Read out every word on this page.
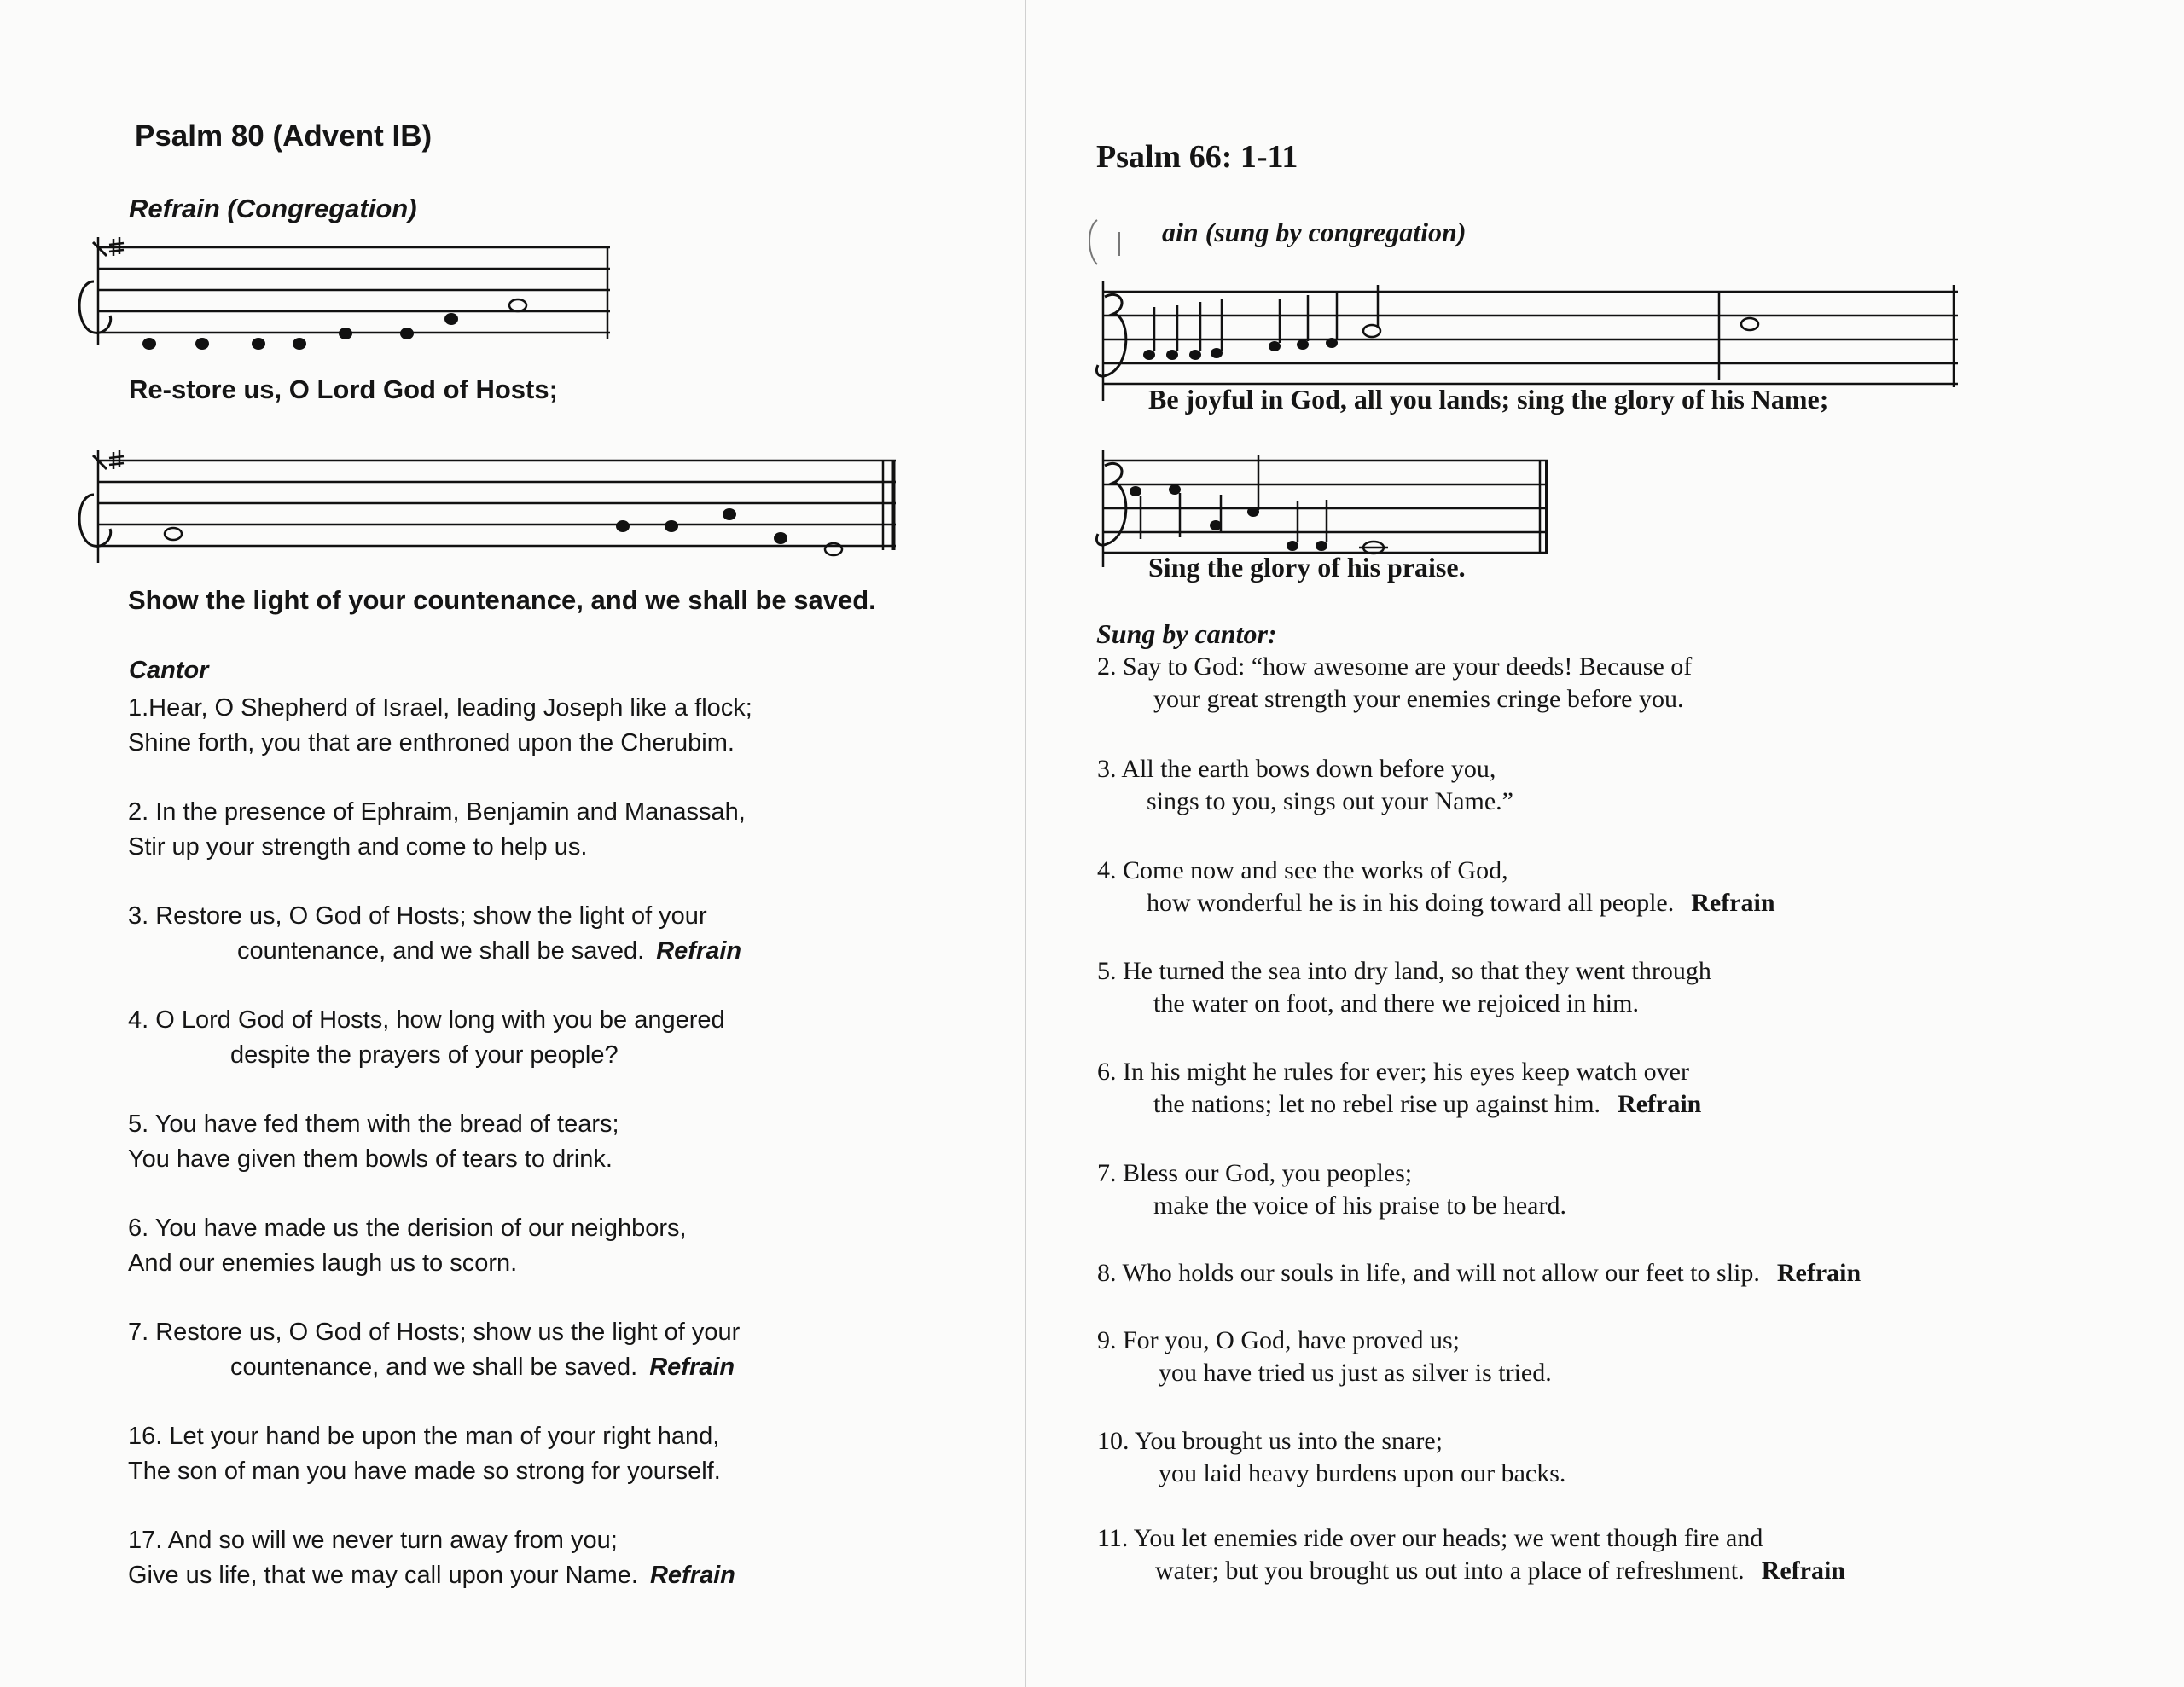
Psalm 80 (Advent IB)
Refrain (Congregation)
Re-store us, O Lord God of Hosts;
Show the light of your countenance, and we shall be saved.
Cantor
1.Hear, O Shepherd of Israel, leading Joseph like a flock;
Shine forth, you that are enthroned upon the Cherubim.
2. In the presence of Ephraim, Benjamin and Manassah,
Stir up your strength and come to help us.
3. Restore us, O God of Hosts; show the light of your
countenance, and we shall be saved. Refrain
4. O Lord God of Hosts, how long with you be angered
despite the prayers of your people?
5. You have fed them with the bread of tears;
You have given them bowls of tears to drink.
6. You have made us the derision of our neighbors,
And our enemies laugh us to scorn.
7. Restore us, O God of Hosts; show us the light of your
countenance, and we shall be saved. Refrain
16. Let your hand be upon the man of your right hand,
The son of man you have made so strong for yourself.
17. And so will we never turn away from you;
Give us life, that we may call upon your Name. Refrain
Psalm 66: 1-11
ain (sung by congregation)
Be joyful in God, all you lands; sing the glory of his Name;
Sing the glory of his praise.
Sung by cantor:
2. Say to God: “how awesome are your deeds! Because of
your great strength your enemies cringe before you.
3. All the earth bows down before you,
sings to you, sings out your Name.”
4. Come now and see the works of God,
how wonderful he is in his doing toward all people. Refrain
5. He turned the sea into dry land, so that they went through
the water on foot, and there we rejoiced in him.
6. In his might he rules for ever; his eyes keep watch over
the nations; let no rebel rise up against him. Refrain
7. Bless our God, you peoples;
make the voice of his praise to be heard.
8. Who holds our souls in life, and will not allow our feet to slip. Refrain
9. For you, O God, have proved us;
you have tried us just as silver is tried.
10. You brought us into the snare;
you laid heavy burdens upon our backs.
11. You let enemies ride over our heads; we went though fire and
water; but you brought us out into a place of refreshment. Refrain
